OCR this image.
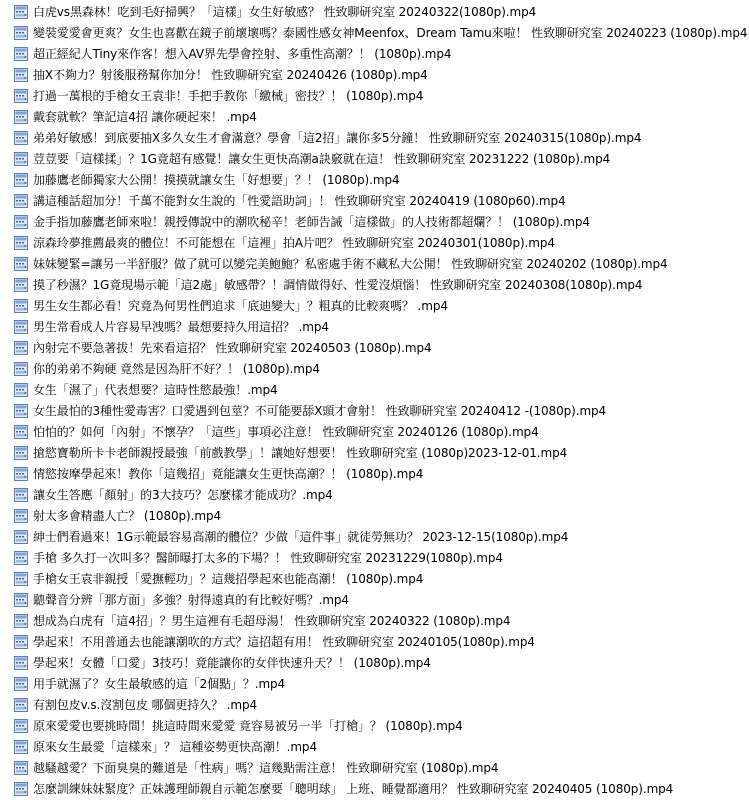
白虎vs黑森林！吃到毛好掃興？「這樣」女生好敏感？ 性致聊研究室 20240322(1080p).mp4
變裝愛愛會更爽？女生也喜歡在鏡子前壞壞嗎？泰國性感女神Meenfox、Dream Tamu來啦！ 性致聊研究室 20240223 (1080p).mp4
超正經紀人Tiny來作客！想入AV界先學會控射、多重性高潮？！ (1080p).mp4
抽X不夠力？射後服務幫你加分！ 性致聊研究室 20240426 (1080p).mp4
打過一萬根的手槍女王袁非！手把手教你「繳械」密技？！ (1080p).mp4
戴套就軟？筆記這4招 讓你硬起來！ .mp4
弟弟好敏感！到底要抽X多久女生才會滿意？學會「這2招」讓你多5分鐘！ 性致聊研究室 20240315(1080p).mp4
荳荳要「這樣揉」？1G竟超有感覺！讓女生更快高潮a訣竅就在這！ 性致聊研究室 20231222 (1080p).mp4
加藤鷹老師獨家大公開！摸摸就讓女生「好想要」？！ (1080p).mp4
講這種話超加分！千萬不能對女生說的「性愛語助詞」！ 性致聊研究室 20240419 (1080p60).mp4
金手指加藤鷹老師來啦！親授傳說中的潮吹秘辛！老師告誡「這樣做」的人技術都超爛？！ (1080p).mp4
涼森玲夢推薦最爽的體位！不可能想在「這裡」拍A片吧？ 性致聊研究室 20240301(1080p).mp4
妹妹變緊=讓另一半舒服？做了就可以變完美鮑鮑？私密處手術不藏私大公開！ 性致聊研究室 20240202 (1080p).mp4
摸了秒濕？1G竟現場示範「這2處」敏感帶？！調情做得好、性愛沒煩惱！ 性致聊研究室 20240308(1080p).mp4
男生女生都必看！究竟為何男性們追求「底迪變大」？粗真的比較爽嗎？ .mp4
男生常看成人片容易早洩嗎？最想要持久用這招？ .mp4
內射完不要急著拔！先來看這招？ 性致聊研究室 20240503 (1080p).mp4
你的弟弟不夠硬 竟然是因為肝不好？！ (1080p).mp4
女生「濕了」代表想要？這時性慾最強！.mp4
女生最怕的3種性愛毒害？口愛遇到包莖？不可能要舔X頭才會射！ 性致聊研究室 20240412 -(1080p).mp4
怕怕的？如何「內射」不懷孕？「這些」事項必注意！ 性致聊研究室 20240126 (1080p).mp4
搶慾寶勒所卡卡老師親授最強「前戲教學」！讓她好想要！ 性致聊研究室 (1080p)2023-12-01.mp4
情慾按摩學起來！教你「這幾招」竟能讓女生更快高潮？！ (1080p).mp4
讓女生答應「顏射」的3大技巧？怎麼樣才能成功？.mp4
射太多會精盡人亡？ (1080p).mp4
紳士們看過來！1G示範最容易高潮的體位？少做「這件事」就徒勞無功？ 2023-12-15(1080p).mp4
手槍 多久打一次叫多？醫師曝打太多的下場？！ 性致聊研究室 20231229(1080p).mp4
手槍女王袁非親授「愛撫輕功」？這幾招學起來也能高潮！ (1080p).mp4
聽聲音分辨「那方面」多強？射得遠真的有比較好嗎？.mp4
想成為白虎有「這4招」？男生這裡有毛超母湯！ 性致聊研究室 20240322 (1080p).mp4
學起來！不用普通去也能讓潮吹的方式？這招超有用！ 性致聊研究室 20240105(1080p).mp4
學起來！女體「口愛」3技巧！竟能讓你的女伴快速升天？！ (1080p).mp4
用手就濕了？女生最敏感的這「2個點」？.mp4
有割包皮v.s.沒割包皮 哪個更持久？ .mp4
原來愛愛也要挑時間！挑這時間來愛愛 竟容易被另一半「打槍」？ (1080p).mp4
原來女生最愛「這樣來」？ 這種姿勢更快高潮！.mp4
越騷越愛？下面臭臭的難道是「性病」嗎？這幾點需注意！ 性致聊研究室 (1080p).mp4
怎麼訓練妹妹緊度？正妹護理師親自示範怎麼要「聰明球」 上班、睡覺都適用？ 性致聊研究室 20240405 (1080p).mp4
